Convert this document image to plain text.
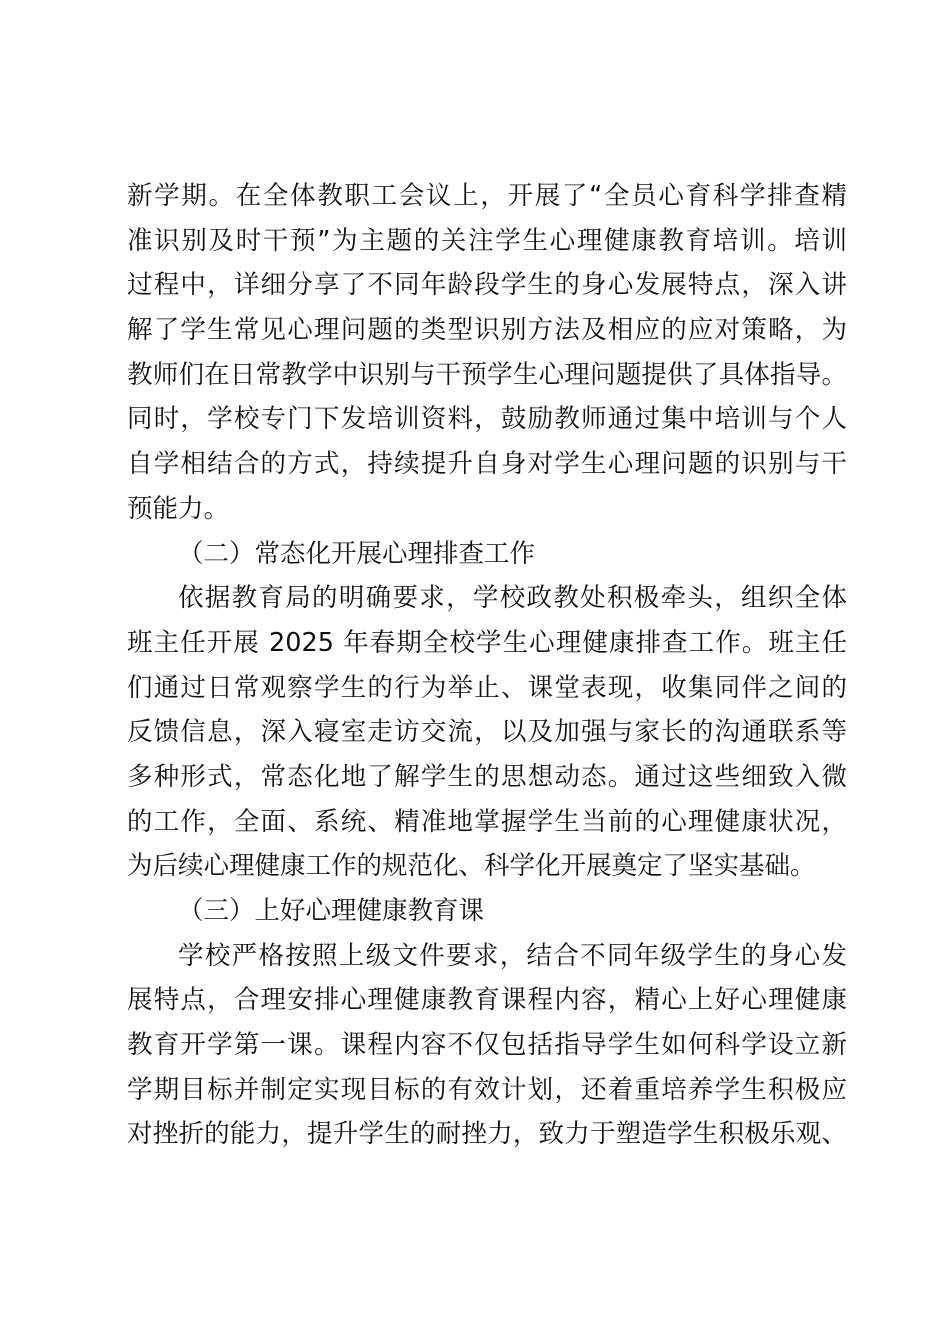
新学期。在全体教职工会议上，开展了“全员心育科学排查精
准识别及时干预”为主题的关注学生心理健康教育培训。培训
过程中，详细分享了不同年龄段学生的身心发展特点，深入讲
解了学生常见心理问题的类型识别方法及相应的应对策略，为
教师们在日常教学中识别与干预学生心理问题提供了具体指导。
同时，学校专门下发培训资料，鼓励教师通过集中培训与个人
自学相结合的方式，持续提升自身对学生心理问题的识别与干
预能力。
（二）常态化开展心理排查工作
依据教育局的明确要求，学校政教处积极牵头，组织全体
班主任开展 2025 年春期全校学生心理健康排查工作。班主任
们通过日常观察学生的行为举止、课堂表现，收集同伴之间的
反馈信息，深入寝室走访交流，以及加强与家长的沟通联系等
多种形式，常态化地了解学生的思想动态。通过这些细致入微
的工作，全面、系统、精准地掌握学生当前的心理健康状况，
为后续心理健康工作的规范化、科学化开展奠定了坚实基础。
（三）上好心理健康教育课
学校严格按照上级文件要求，结合不同年级学生的身心发
展特点，合理安排心理健康教育课程内容，精心上好心理健康
教育开学第一课。课程内容不仅包括指导学生如何科学设立新
学期目标并制定实现目标的有效计划，还着重培养学生积极应
对挫折的能力，提升学生的耐挫力，致力于塑造学生积极乐观、
